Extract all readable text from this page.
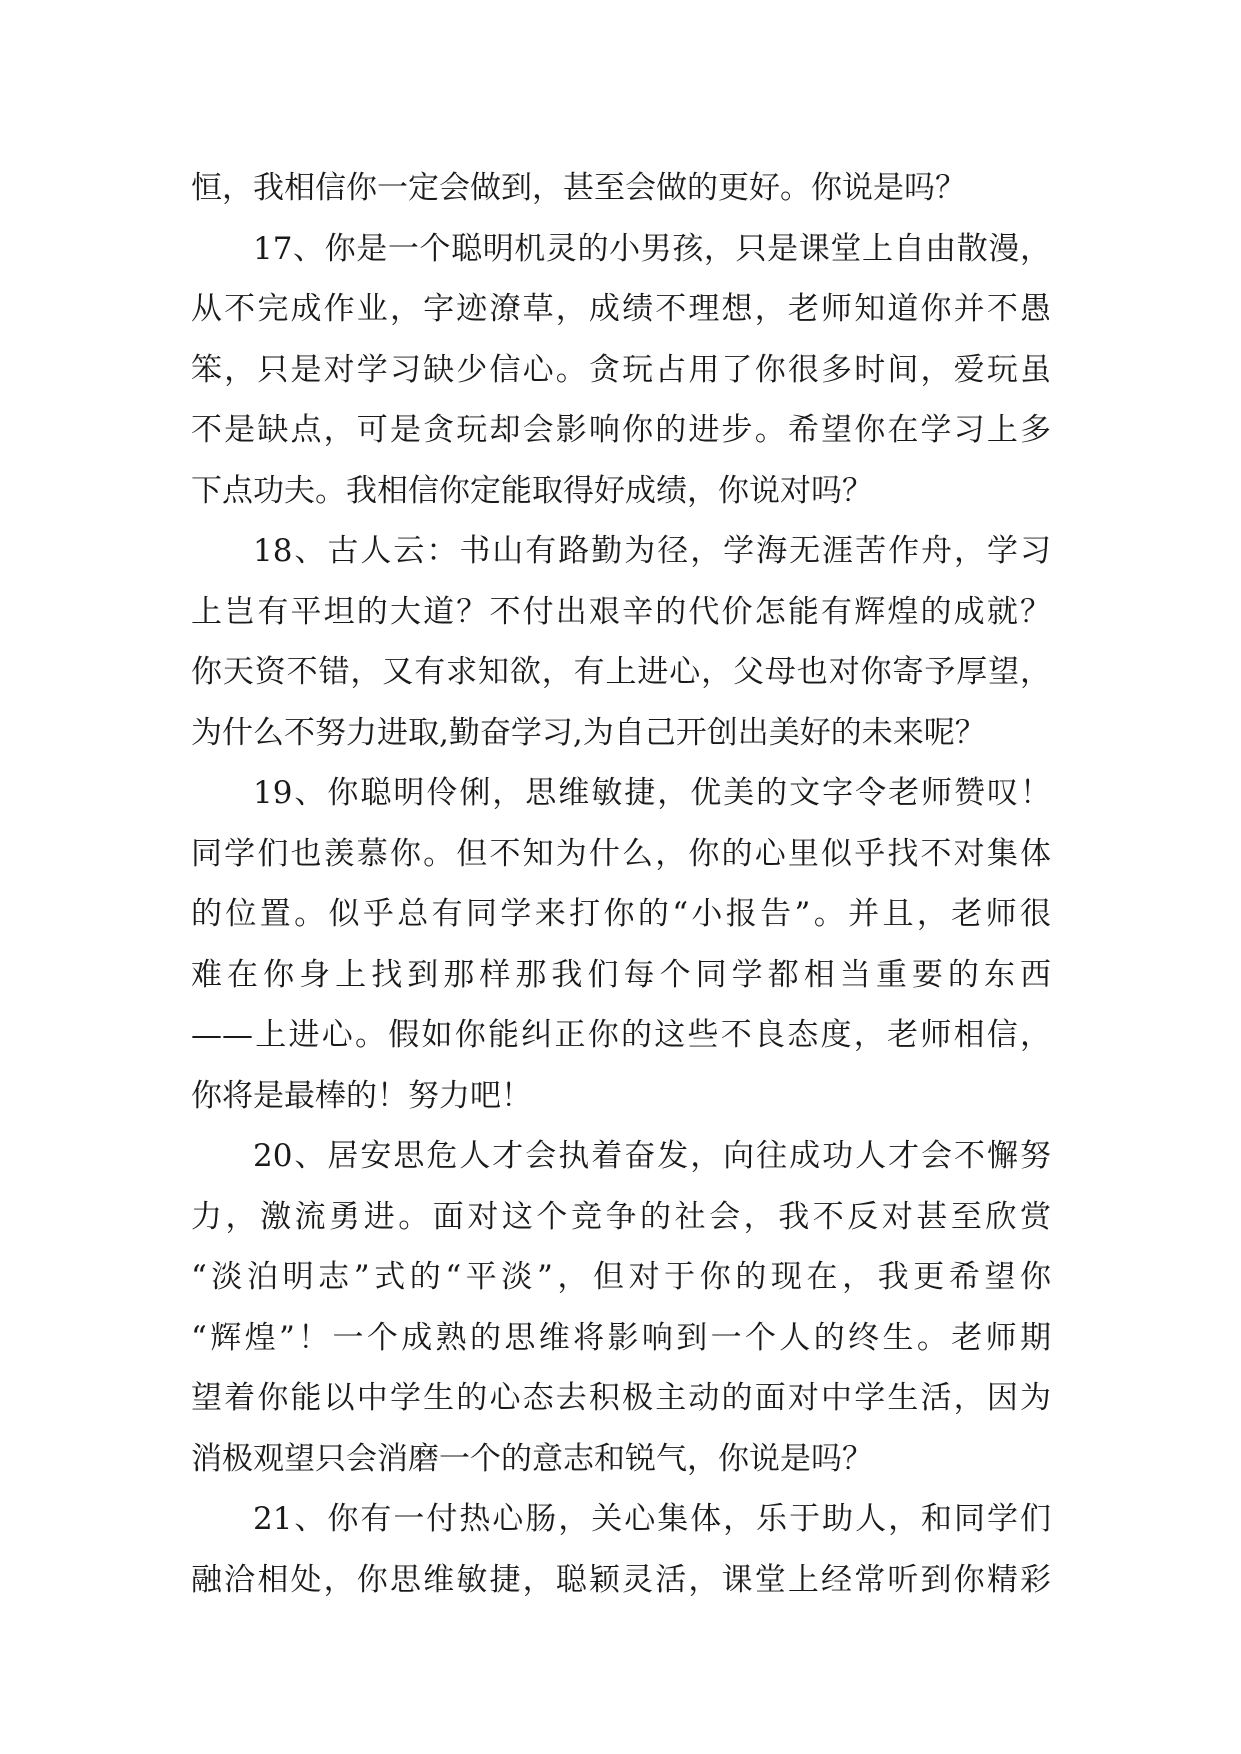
恒，我相信你一定会做到，甚至会做的更好。你说是吗？
17、你是一个聪明机灵的小男孩，只是课堂上自由散漫，
从不完成作业，字迹潦草，成绩不理想，老师知道你并不愚
笨，只是对学习缺少信心。贪玩占用了你很多时间，爱玩虽
不是缺点，可是贪玩却会影响你的进步。希望你在学习上多
下点功夫。我相信你定能取得好成绩，你说对吗？
18、古人云：书山有路勤为径，学海无涯苦作舟，学习
上岂有平坦的大道？不付出艰辛的代价怎能有辉煌的成就？
你天资不错，又有求知欲，有上进心，父母也对你寄予厚望，
为什么不努力进取,勤奋学习,为自己开创出美好的未来呢？
19、你聪明伶俐，思维敏捷，优美的文字令老师赞叹！
同学们也羡慕你。但不知为什么，你的心里似乎找不对集体
的位置。似乎总有同学来打你的“小报告”。并且，老师很
难在你身上找到那样那我们每个同学都相当重要的东西
——上进心。假如你能纠正你的这些不良态度，老师相信，
你将是最棒的！努力吧！
20、居安思危人才会执着奋发，向往成功人才会不懈努
力，激流勇进。面对这个竞争的社会，我不反对甚至欣赏
“淡泊明志”式的“平淡”，但对于你的现在，我更希望你
“辉煌”！一个成熟的思维将影响到一个人的终生。老师期
望着你能以中学生的心态去积极主动的面对中学生活，因为
消极观望只会消磨一个的意志和锐气，你说是吗？
21、你有一付热心肠，关心集体，乐于助人，和同学们
融洽相处，你思维敏捷，聪颖灵活，课堂上经常听到你精彩
